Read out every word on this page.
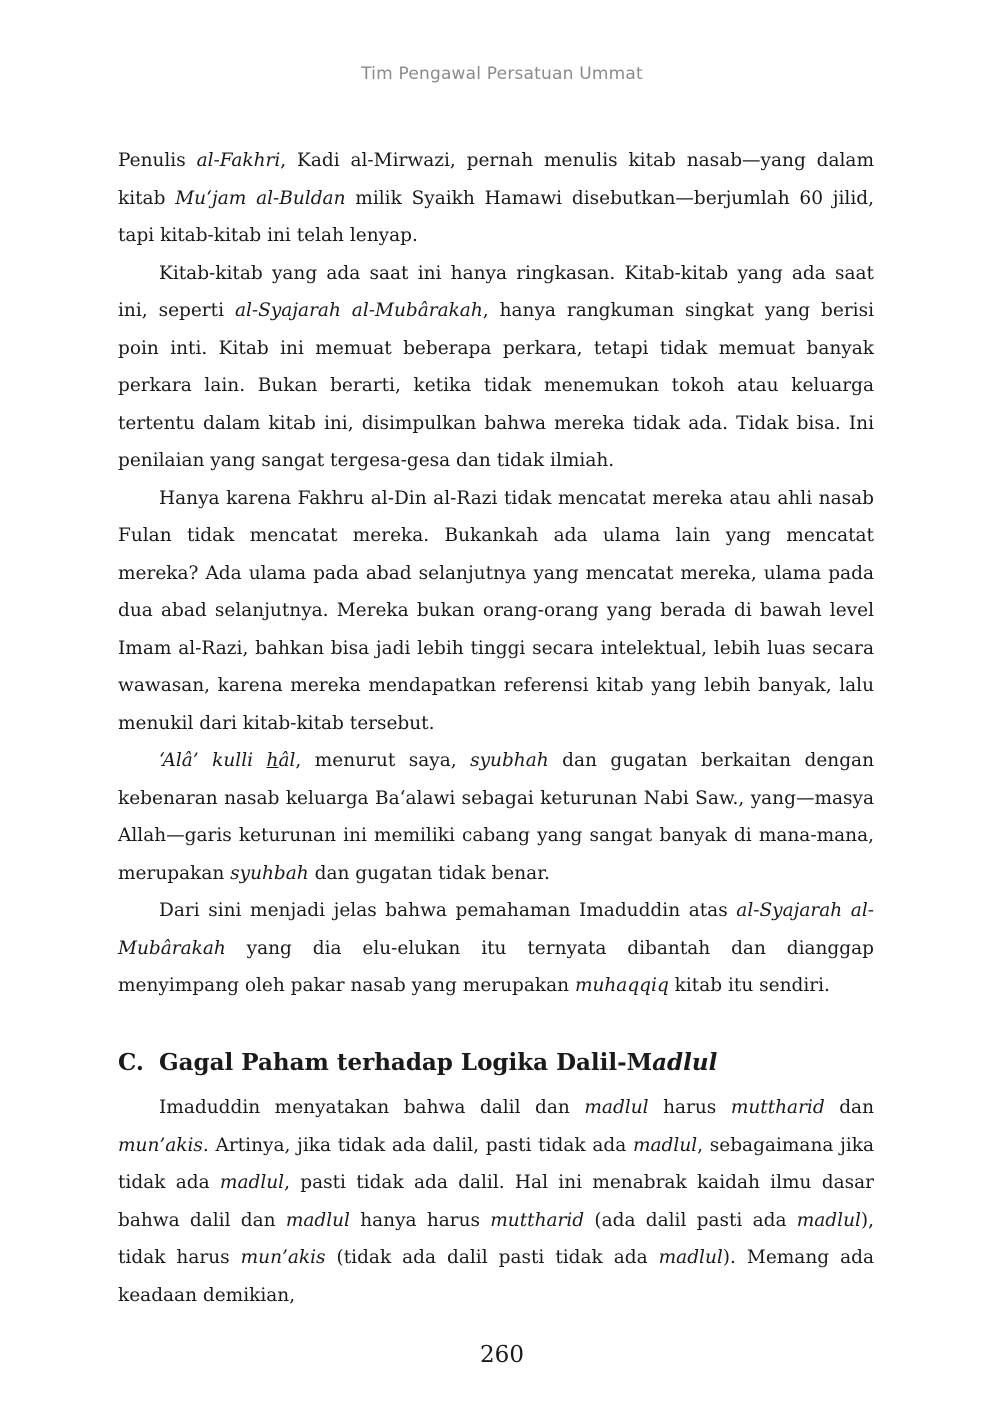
Tim Pengawal Persatuan Ummat

Penulis al-Fakhri, Kadi al-Mirwazi, pernah menulis kitab nasab—yang dalam kitab Mu‘jam al-Buldan milik Syaikh Hamawi disebutkan—berjumlah 60 jilid, tapi kitab-kitab ini telah lenyap.

Kitab-kitab yang ada saat ini hanya ringkasan. Kitab-kitab yang ada saat ini, seperti al-Syajarah al-Mubârakah, hanya rangkuman singkat yang berisi poin inti. Kitab ini memuat beberapa perkara, tetapi tidak memuat banyak perkara lain. Bukan berarti, ketika tidak menemukan tokoh atau keluarga tertentu dalam kitab ini, disimpulkan bahwa mereka tidak ada. Tidak bisa. Ini penilaian yang sangat tergesa-gesa dan tidak ilmiah.

Hanya karena Fakhru al-Din al-Razi tidak mencatat mereka atau ahli nasab Fulan tidak mencatat mereka. Bukankah ada ulama lain yang mencatat mereka? Ada ulama pada abad selanjutnya yang mencatat mereka, ulama pada dua abad selanjutnya. Mereka bukan orang-orang yang berada di bawah level Imam al-Razi, bahkan bisa jadi lebih tinggi secara intelektual, lebih luas secara wawasan, karena mereka mendapatkan referensi kitab yang lebih banyak, lalu menukil dari kitab-kitab tersebut.

‘Alâ’ kulli hâl, menurut saya, syubhah dan gugatan berkaitan dengan kebenaran nasab keluarga Ba‘alawi sebagai keturunan Nabi Saw., yang—masya Allah—garis keturunan ini memiliki cabang yang sangat banyak di mana-mana, merupakan syuhbah dan gugatan tidak benar.

Dari sini menjadi jelas bahwa pemahaman Imaduddin atas al-Syajarah al-Mubârakah yang dia elu-elukan itu ternyata dibantah dan dianggap menyimpang oleh pakar nasab yang merupakan muhaqqiq kitab itu sendiri.

C. Gagal Paham terhadap Logika Dalil-Madlul

Imaduddin menyatakan bahwa dalil dan madlul harus muttharid dan mun’akis. Artinya, jika tidak ada dalil, pasti tidak ada madlul, sebagaimana jika tidak ada madlul, pasti tidak ada dalil. Hal ini menabrak kaidah ilmu dasar bahwa dalil dan madlul hanya harus muttharid (ada dalil pasti ada madlul), tidak harus mun’akis (tidak ada dalil pasti tidak ada madlul). Memang ada keadaan demikian,

260
